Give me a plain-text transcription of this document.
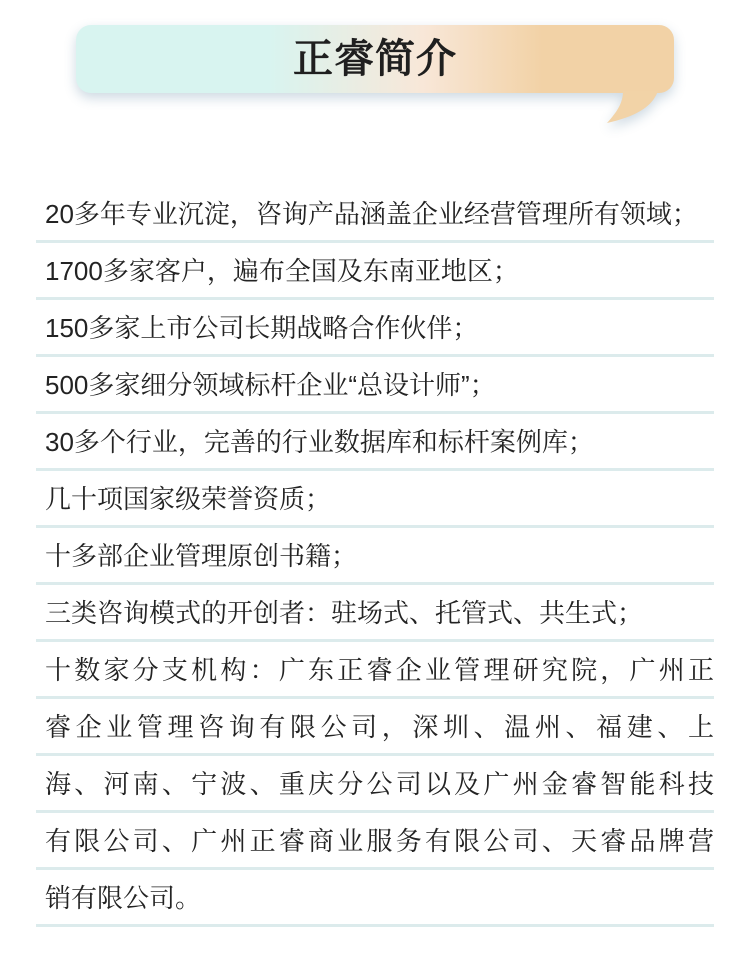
正睿简介
20多年专业沉淀，咨询产品涵盖企业经营管理所有领域；
1700多家客户，遍布全国及东南亚地区；
150多家上市公司长期战略合作伙伴；
500多家细分领域标杆企业“总设计师”；
30多个行业，完善的行业数据库和标杆案例库；
几十项国家级荣誉资质；
十多部企业管理原创书籍；
三类咨询模式的开创者：驻场式、托管式、共生式；
十数家分支机构：广东正睿企业管理研究院，广州正
睿企业管理咨询有限公司，深圳、温州、福建、上
海、河南、宁波、重庆分公司以及广州金睿智能科技
有限公司、广州正睿商业服务有限公司、天睿品牌营
销有限公司。
